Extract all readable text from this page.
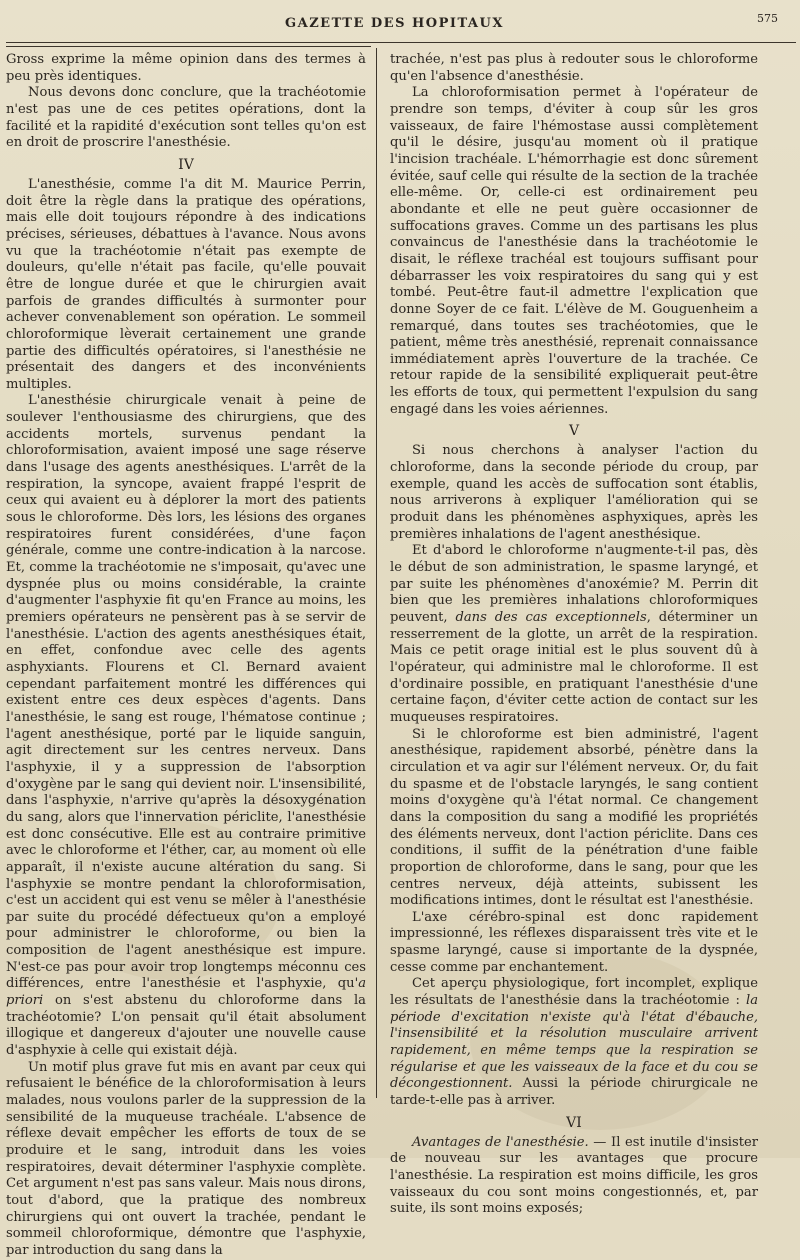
GAZETTE DES HOPITAUX	575

Gross exprime la même opinion dans des termes à peu près identiques.

Nous devons donc conclure, que la trachéotomie n'est pas une de ces petites opérations, dont la facilité et la rapidité d'exécution sont telles qu'on est en droit de proscrire l'anesthésie.

IV

L'anesthésie, comme l'a dit M. Maurice Perrin, doit être la règle dans la pratique des opérations, mais elle doit toujours répondre à des indications précises, sérieuses, débattues à l'avance. Nous avons vu que la trachéotomie n'était pas exempte de douleurs, qu'elle n'était pas facile, qu'elle pouvait être de longue durée et que le chirurgien avait parfois de grandes difficultés à surmonter pour achever convenablement son opération. Le sommeil chloroformique lèverait certainement une grande partie des difficultés opératoires, si l'anesthésie ne présentait des dangers et des inconvénients multiples.

L'anesthésie chirurgicale venait à peine de soulever l'enthousiasme des chirurgiens, que des accidents mortels, survenus pendant la chloroformisation, avaient imposé une sage réserve dans l'usage des agents anesthésiques. L'arrêt de la respiration, la syncope, avaient frappé l'esprit de ceux qui avaient eu à déplorer la mort des patients sous le chloroforme. Dès lors, les lésions des organes respiratoires furent considérées, d'une façon générale, comme une contre-indication à la narcose. Et, comme la trachéotomie ne s'imposait, qu'avec une dyspnée plus ou moins considérable, la crainte d'augmenter l'asphyxie fit qu'en France au moins, les premiers opérateurs ne pensèrent pas à se servir de l'anesthésie. L'action des agents anesthésiques était, en effet, confondue avec celle des agents asphyxiants. Flourens et Cl. Bernard avaient cependant parfaitement montré les différences qui existent entre ces deux espèces d'agents. Dans l'anesthésie, le sang est rouge, l'hématose continue ; l'agent anesthésique, porté par le liquide sanguin, agit directement sur les centres nerveux. Dans l'asphyxie, il y a suppression de l'absorption d'oxygène par le sang qui devient noir. L'insensibilité, dans l'asphyxie, n'arrive qu'après la désoxygénation du sang, alors que l'innervation périclite, l'anesthésie est donc consécutive. Elle est au contraire primitive avec le chloroforme et l'éther, car, au moment où elle apparaît, il n'existe aucune altération du sang. Si l'asphyxie se montre pendant la chloroformisation, c'est un accident qui est venu se mêler à l'anesthésie par suite du procédé défectueux qu'on a employé pour administrer le chloroforme, ou bien la composition de l'agent anesthésique est impure. N'est-ce pas pour avoir trop longtemps méconnu ces différences, entre l'anesthésie et l'asphyxie, qu'a priori on s'est abstenu du chloroforme dans la trachéotomie? L'on pensait qu'il était absolument illogique et dangereux d'ajouter une nouvelle cause d'asphyxie à celle qui existait déjà.

Un motif plus grave fut mis en avant par ceux qui refusaient le bénéfice de la chloroformisation à leurs malades, nous voulons parler de la suppression de la sensibilité de la muqueuse trachéale. L'absence de réflexe devait empêcher les efforts de toux de se produire et le sang, introduit dans les voies respiratoires, devait déterminer l'asphyxie complète. Cet argument n'est pas sans valeur. Mais nous dirons, tout d'abord, que la pratique des nombreux chirurgiens qui ont ouvert la trachée, pendant le sommeil chloroformique, démontre que l'asphyxie, par introduction du sang dans la

trachée, n'est pas plus à redouter sous le chloroforme qu'en l'absence d'anesthésie.

La chloroformisation permet à l'opérateur de prendre son temps, d'éviter à coup sûr les gros vaisseaux, de faire l'hémostase aussi complètement qu'il le désire, jusqu'au moment où il pratique l'incision trachéale. L'hémorrhagie est donc sûrement évitée, sauf celle qui résulte de la section de la trachée elle-même. Or, celle-ci est ordinairement peu abondante et elle ne peut guère occasionner de suffocations graves. Comme un des partisans les plus convaincus de l'anesthésie dans la trachéotomie le disait, le réflexe trachéal est toujours suffisant pour débarrasser les voix respiratoires du sang qui y est tombé. Peut-être faut-il admettre l'explication que donne Soyer de ce fait. L'élève de M. Gouguenheim a remarqué, dans toutes ses trachéotomies, que le patient, même très anesthésié, reprenait connaissance immédiatement après l'ouverture de la trachée. Ce retour rapide de la sensibilité expliquerait peut-être les efforts de toux, qui permettent l'expulsion du sang engagé dans les voies aériennes.

V

Si nous cherchons à analyser l'action du chloroforme, dans la seconde période du croup, par exemple, quand les accès de suffocation sont établis, nous arriverons à expliquer l'amélioration qui se produit dans les phénomènes asphyxiques, après les premières inhalations de l'agent anesthésique.

Et d'abord le chloroforme n'augmente-t-il pas, dès le début de son administration, le spasme laryngé, et par suite les phénomènes d'anoxémie? M. Perrin dit bien que les premières inhalations chloroformiques peuvent, dans des cas exceptionnels, déterminer un resserrement de la glotte, un arrêt de la respiration. Mais ce petit orage initial est le plus souvent dû à l'opérateur, qui administre mal le chloroforme. Il est d'ordinaire possible, en pratiquant l'anesthésie d'une certaine façon, d'éviter cette action de contact sur les muqueuses respiratoires.

Si le chloroforme est bien administré, l'agent anesthésique, rapidement absorbé, pénètre dans la circulation et va agir sur l'élément nerveux. Or, du fait du spasme et de l'obstacle laryngés, le sang contient moins d'oxygène qu'à l'état normal. Ce changement dans la composition du sang a modifié les propriétés des éléments nerveux, dont l'action périclite. Dans ces conditions, il suffit de la pénétration d'une faible proportion de chloroforme, dans le sang, pour que les centres nerveux, déjà atteints, subissent les modifications intimes, dont le résultat est l'anesthésie.

L'axe cérébro-spinal est donc rapidement impressionné, les réflexes disparaissent très vite et le spasme laryngé, cause si importante de la dyspnée, cesse comme par enchantement.

Cet aperçu physiologique, fort incomplet, explique les résultats de l'anesthésie dans la trachéotomie : la période d'excitation n'existe qu'à l'état d'ébauche, l'insensibilité et la résolution musculaire arrivent rapidement, en même temps que la respiration se régularise et que les vaisseaux de la face et du cou se décongestionnent. Aussi la période chirurgicale ne tarde-t-elle pas à arriver.

VI

Avantages de l'anesthésie. — Il est inutile d'insister de nouveau sur les avantages que procure l'anesthésie. La respiration est moins difficile, les gros vaisseaux du cou sont moins congestionnés, et, par suite, ils sont moins exposés;
